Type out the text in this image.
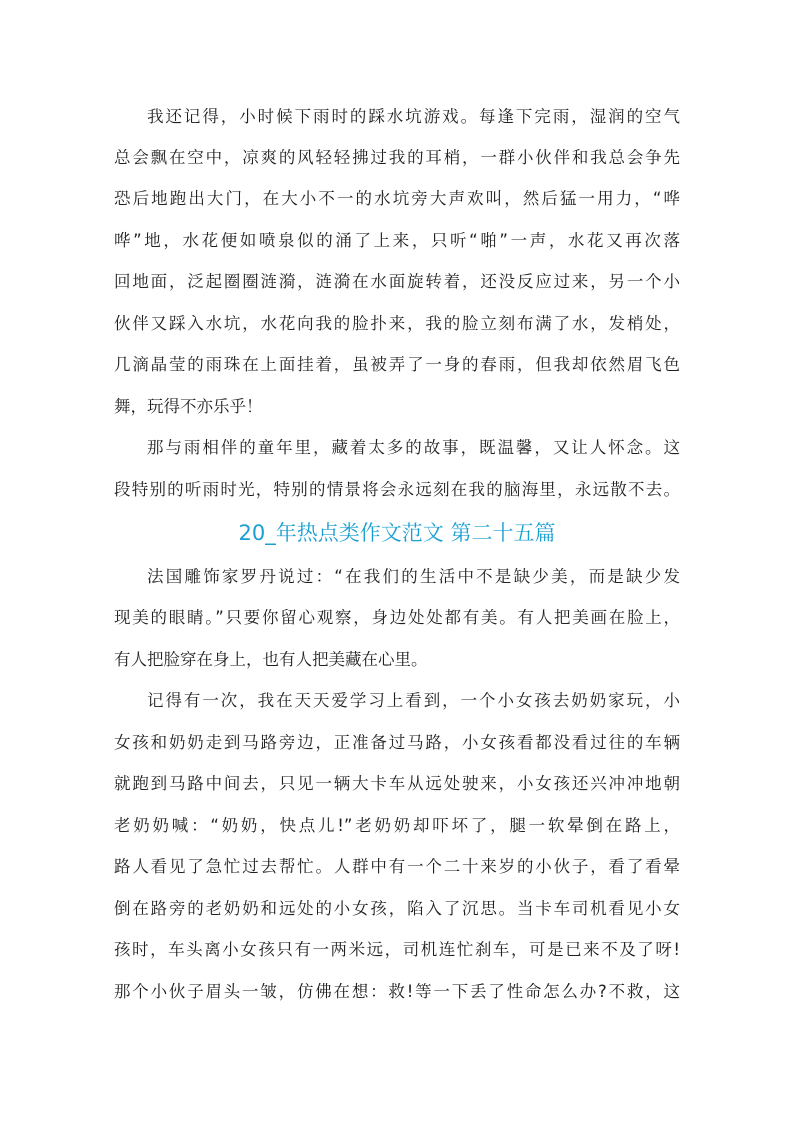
我还记得，小时候下雨时的踩水坑游戏。每逢下完雨，湿润的空气
总会飘在空中，凉爽的风轻轻拂过我的耳梢，一群小伙伴和我总会争先
恐后地跑出大门，在大小不一的水坑旁大声欢叫，然后猛一用力，“哗
哗”地，水花便如喷泉似的涌了上来，只听“啪”一声，水花又再次落
回地面，泛起圈圈涟漪，涟漪在水面旋转着，还没反应过来，另一个小
伙伴又踩入水坑，水花向我的脸扑来，我的脸立刻布满了水，发梢处，
几滴晶莹的雨珠在上面挂着，虽被弄了一身的春雨，但我却依然眉飞色
舞，玩得不亦乐乎！
那与雨相伴的童年里，藏着太多的故事，既温馨，又让人怀念。这
段特别的听雨时光，特别的情景将会永远刻在我的脑海里，永远散不去。
20_年热点类作文范文 第二十五篇
法国雕饰家罗丹说过：“在我们的生活中不是缺少美，而是缺少发
现美的眼睛。”只要你留心观察，身边处处都有美。有人把美画在脸上，
有人把脸穿在身上，也有人把美藏在心里。
记得有一次，我在天天爱学习上看到，一个小女孩去奶奶家玩，小
女孩和奶奶走到马路旁边，正准备过马路，小女孩看都没看过往的车辆
就跑到马路中间去，只见一辆大卡车从远处驶来，小女孩还兴冲冲地朝
老奶奶喊：“奶奶，快点儿!”老奶奶却吓坏了，腿一软晕倒在路上，
路人看见了急忙过去帮忙。人群中有一个二十来岁的小伙子，看了看晕
倒在路旁的老奶奶和远处的小女孩，陷入了沉思。当卡车司机看见小女
孩时，车头离小女孩只有一两米远，司机连忙刹车，可是已来不及了呀!
那个小伙子眉头一皱，仿佛在想：救!等一下丢了性命怎么办?不救，这
